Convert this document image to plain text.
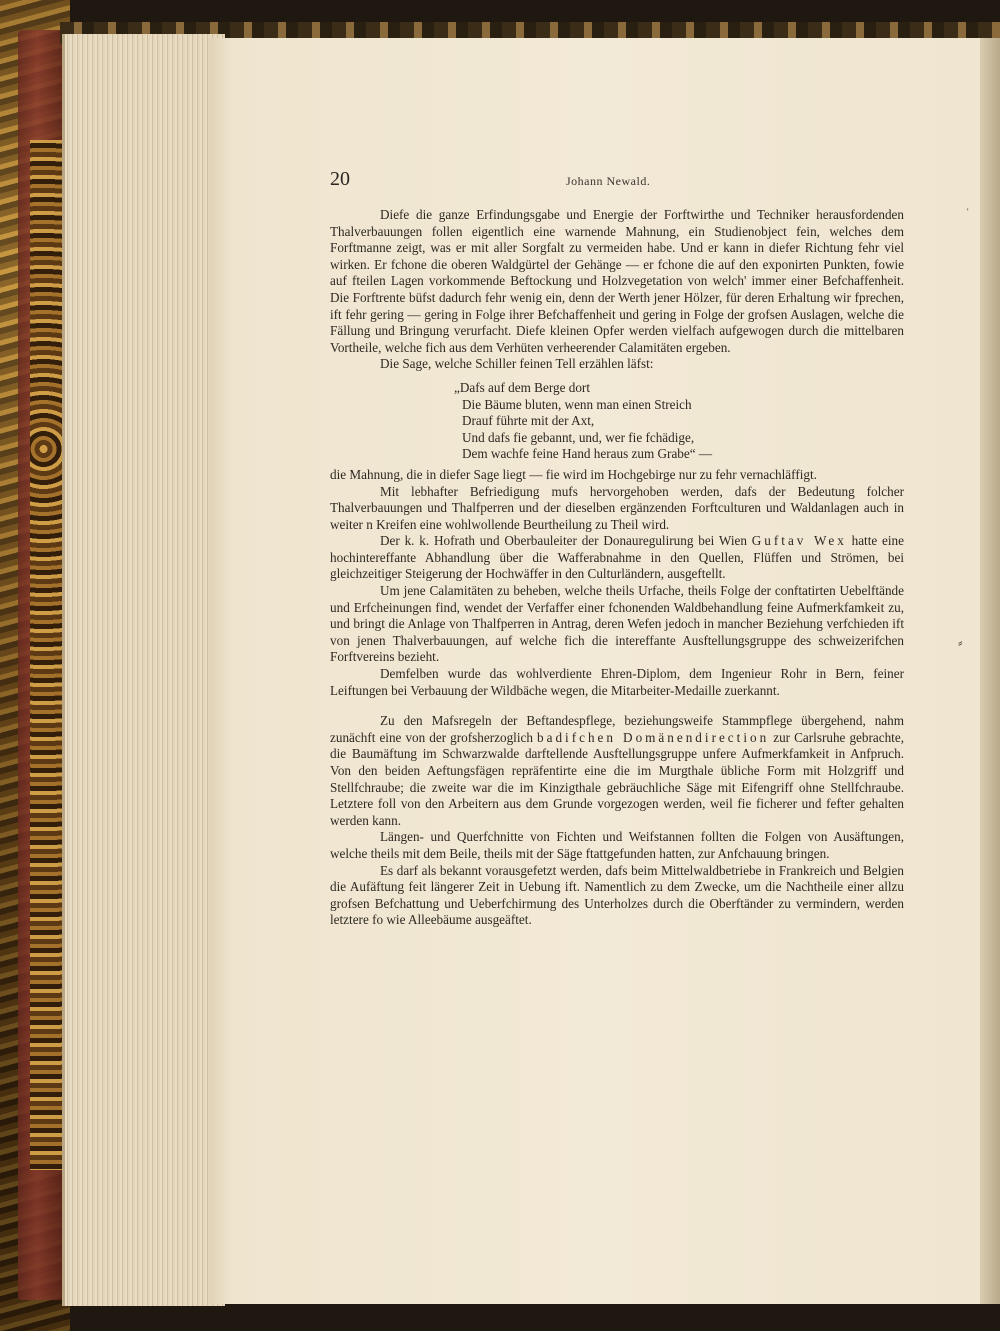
20	Johann Newald.
⸗
᾽

Diefe die ganze Erfindungsgabe und Energie der Forftwirthe und Techniker herausfordenden Thalverbauungen follen eigentlich eine warnende Mahnung, ein Studienobject fein, welches dem Forftmanne zeigt, was er mit aller Sorgfalt zu vermeiden habe. Und er kann in diefer Richtung fehr viel wirken. Er fchone die oberen Waldgürtel der Gehänge — er fchone die auf den exponirten Punkten, fowie auf fteilen Lagen vorkommende Beftockung und Holzvegetation von welch' immer einer Befchaffenheit. Die Forftrente büfst dadurch fehr wenig ein, denn der Werth jener Hölzer, für deren Erhaltung wir fprechen, ift fehr gering — gering in Folge ihrer Befchaffenheit und gering in Folge der grofsen Auslagen, welche die Fällung und Bringung verurfacht. Diefe kleinen Opfer werden vielfach aufgewogen durch die mittelbaren Vortheile, welche fich aus dem Verhüten verheerender Calamitäten ergeben.

Die Sage, welche Schiller feinen Tell erzählen läfst:

„Dafs auf dem Berge dort
Die Bäume bluten, wenn man einen Streich
Drauf führte mit der Axt,
Und dafs fie gebannt, und, wer fie fchädige,
Dem wachfe feine Hand heraus zum Grabe“ —

die Mahnung, die in diefer Sage liegt — fie wird im Hochgebirge nur zu fehr vernachläffigt.

Mit lebhafter Befriedigung mufs hervorgehoben werden, dafs der Bedeutung folcher Thalverbauungen und Thalfperren und der dieselben ergänzenden Forftculturen und Waldanlagen auch in weiter n Kreifen eine wohlwollende Beurtheilung zu Theil wird.

Der k. k. Hofrath und Oberbauleiter der Donauregulirung bei Wien Guftav Wex hatte eine hochintereffante Abhandlung über die Wafferabnahme in den Quellen, Flüffen und Strömen, bei gleichzeitiger Steigerung der Hochwäffer in den Culturländern, ausgeftellt.

Um jene Calamitäten zu beheben, welche theils Urfache, theils Folge der conftatirten Uebelftände und Erfcheinungen find, wendet der Verfaffer einer fchonenden Waldbehandlung feine Aufmerkfamkeit zu, und bringt die Anlage von Thalfperren in Antrag, deren Wefen jedoch in mancher Beziehung verfchieden ift von jenen Thalverbauungen, auf welche fich die intereffante Ausftellungsgruppe des schweizerifchen Forftvereins bezieht.

Demfelben wurde das wohlverdiente Ehren-Diplom, dem Ingenieur Rohr in Bern, feiner Leiftungen bei Verbauung der Wildbäche wegen, die Mitarbeiter-Medaille zuerkannt.

Zu den Mafsregeln der Beftandespflege, beziehungsweife Stammpflege übergehend, nahm zunächft eine von der grofsherzoglich badifchen Domänendirection zur Carlsruhe gebrachte, die Baumäftung im Schwarzwalde darftellende Ausftellungsgruppe unfere Aufmerkfamkeit in Anfpruch. Von den beiden Aeftungsfägen repräfentirte eine die im Murgthale übliche Form mit Holzgriff und Stellfchraube; die zweite war die im Kinzigthale gebräuchliche Säge mit Eifengriff ohne Stellfchraube. Letztere foll von den Arbeitern aus dem Grunde vorgezogen werden, weil fie ficherer und fefter gehalten werden kann.

Längen- und Querfchnitte von Fichten und Weifstannen follten die Folgen von Ausäftungen, welche theils mit dem Beile, theils mit der Säge ftattgefunden hatten, zur Anfchauung bringen.

Es darf als bekannt vorausgefetzt werden, dafs beim Mittelwaldbetriebe in Frankreich und Belgien die Aufäftung feit längerer Zeit in Uebung ift. Namentlich zu dem Zwecke, um die Nachtheile einer allzu grofsen Befchattung und Ueberfchirmung des Unterholzes durch die Oberftänder zu vermindern, werden letztere fo wie Alleebäume ausgeäftet.
